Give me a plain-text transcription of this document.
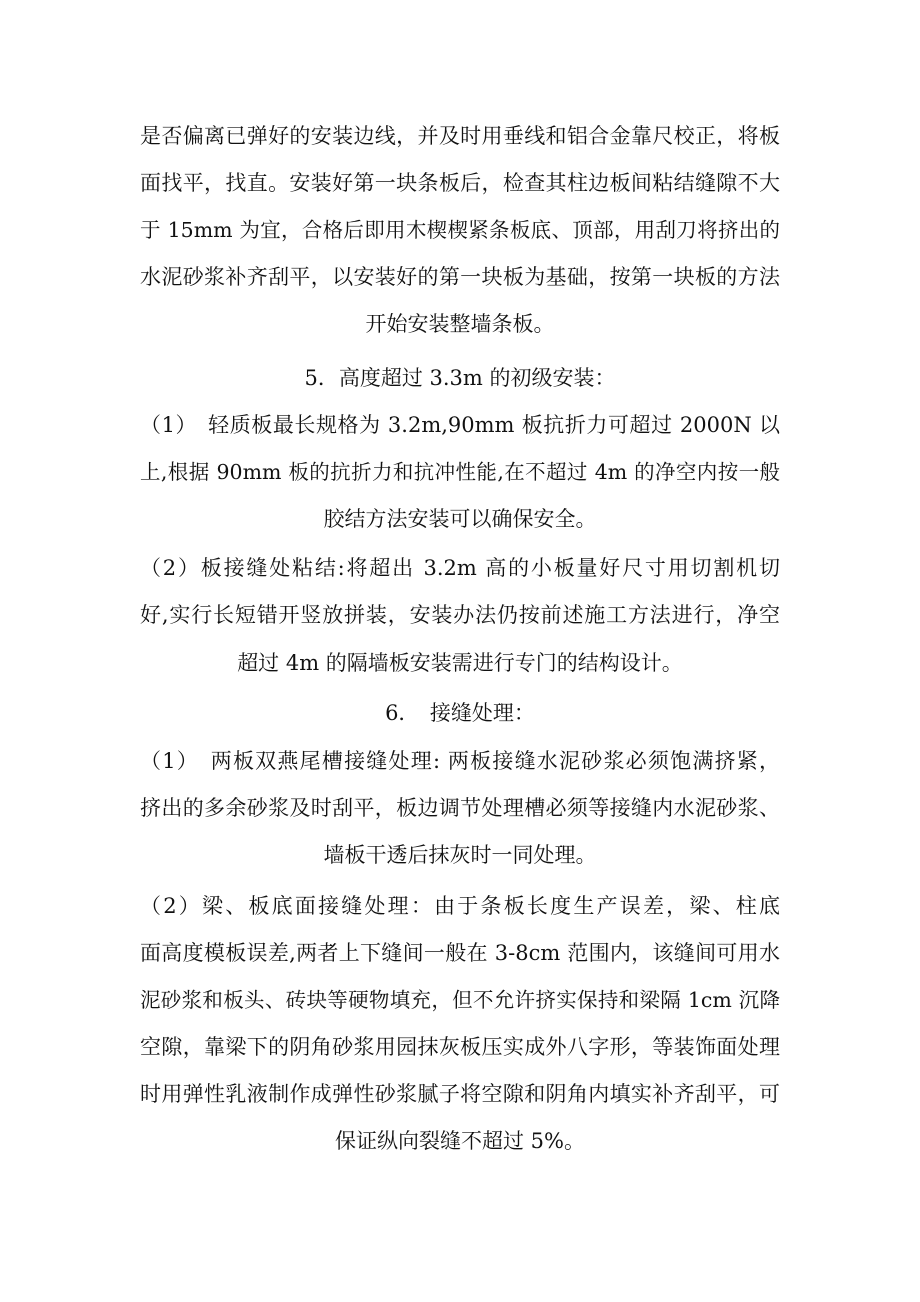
是否偏离已弹好的安装边线，并及时用垂线和铝合金靠尺校正，将板
面找平，找直。安装好第一块条板后，检查其柱边板间粘结缝隙不大
于 15mm 为宜，合格后即用木楔楔紧条板底、顶部，用刮刀将挤出的
水泥砂浆补齐刮平，以安装好的第一块板为基础，按第一块板的方法
开始安装整墙条板。
5．高度超过 3.3m 的初级安装：
（1）　轻质板最长规格为 3.2m,90mm 板抗折力可超过 2000N 以
上,根据 90mm 板的抗折力和抗冲性能,在不超过 4m 的净空内按一般
胶结方法安装可以确保安全。
（2）板接缝处粘结:将超出 3.2m 高的小板量好尺寸用切割机切
好,实行长短错开竖放拼装，安装办法仍按前述施工方法进行，净空
超过 4m 的隔墙板安装需进行专门的结构设计。
6．　接缝处理：
（1）　两板双燕尾槽接缝处理: 两板接缝水泥砂浆必须饱满挤紧，
挤出的多余砂浆及时刮平，板边调节处理槽必须等接缝内水泥砂浆、
墙板干透后抹灰时一同处理。
（2）梁、板底面接缝处理：由于条板长度生产误差，梁、柱底
面高度模板误差,两者上下缝间一般在 3-8cm 范围内，该缝间可用水
泥砂浆和板头、砖块等硬物填充，但不允许挤实保持和梁隔 1cm 沉降
空隙，靠梁下的阴角砂浆用园抹灰板压实成外八字形，等装饰面处理
时用弹性乳液制作成弹性砂浆腻子将空隙和阴角内填实补齐刮平，可
保证纵向裂缝不超过 5%。
